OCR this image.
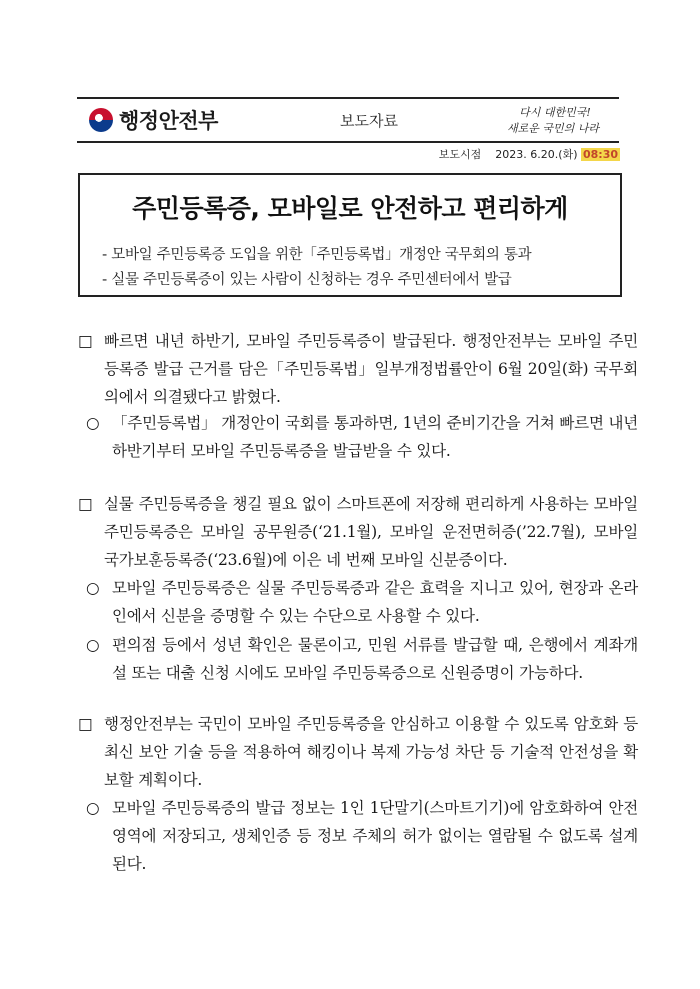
행정안전부	보도자료	다시 대한민국!
새로운 국민의 나라
보도시점 2023. 6.20.(화) 08:30
주민등록증, 모바일로 안전하고 편리하게
- 모바일 주민등록증 도입을 위한「주민등록법」개정안 국무회의 통과
- 실물 주민등록증이 있는 사람이 신청하는 경우 주민센터에서 발급
□ 빠르면 내년 하반기, 모바일 주민등록증이 발급된다. 행정안전부는 모바일 주민등록증 발급 근거를 담은「주민등록법」일부개정법률안이 6월 20일(화) 국무회의에서 의결됐다고 밝혔다.
○ 「주민등록법」 개정안이 국회를 통과하면, 1년의 준비기간을 거쳐 빠르면 내년 하반기부터 모바일 주민등록증을 발급받을 수 있다.
□ 실물 주민등록증을 챙길 필요 없이 스마트폰에 저장해 편리하게 사용하는 모바일 주민등록증은 모바일 공무원증(‘21.1월), 모바일 운전면허증(’22.7월), 모바일 국가보훈등록증(‘23.6월)에 이은 네 번째 모바일 신분증이다.
○ 모바일 주민등록증은 실물 주민등록증과 같은 효력을 지니고 있어, 현장과 온라인에서 신분을 증명할 수 있는 수단으로 사용할 수 있다.
○ 편의점 등에서 성년 확인은 물론이고, 민원 서류를 발급할 때, 은행에서 계좌개설 또는 대출 신청 시에도 모바일 주민등록증으로 신원증명이 가능하다.
□ 행정안전부는 국민이 모바일 주민등록증을 안심하고 이용할 수 있도록 암호화 등 최신 보안 기술 등을 적용하여 해킹이나 복제 가능성 차단 등 기술적 안전성을 확보할 계획이다.
○ 모바일 주민등록증의 발급 정보는 1인 1단말기(스마트기기)에 암호화하여 안전 영역에 저장되고, 생체인증 등 정보 주체의 허가 없이는 열람될 수 없도록 설계된다.
